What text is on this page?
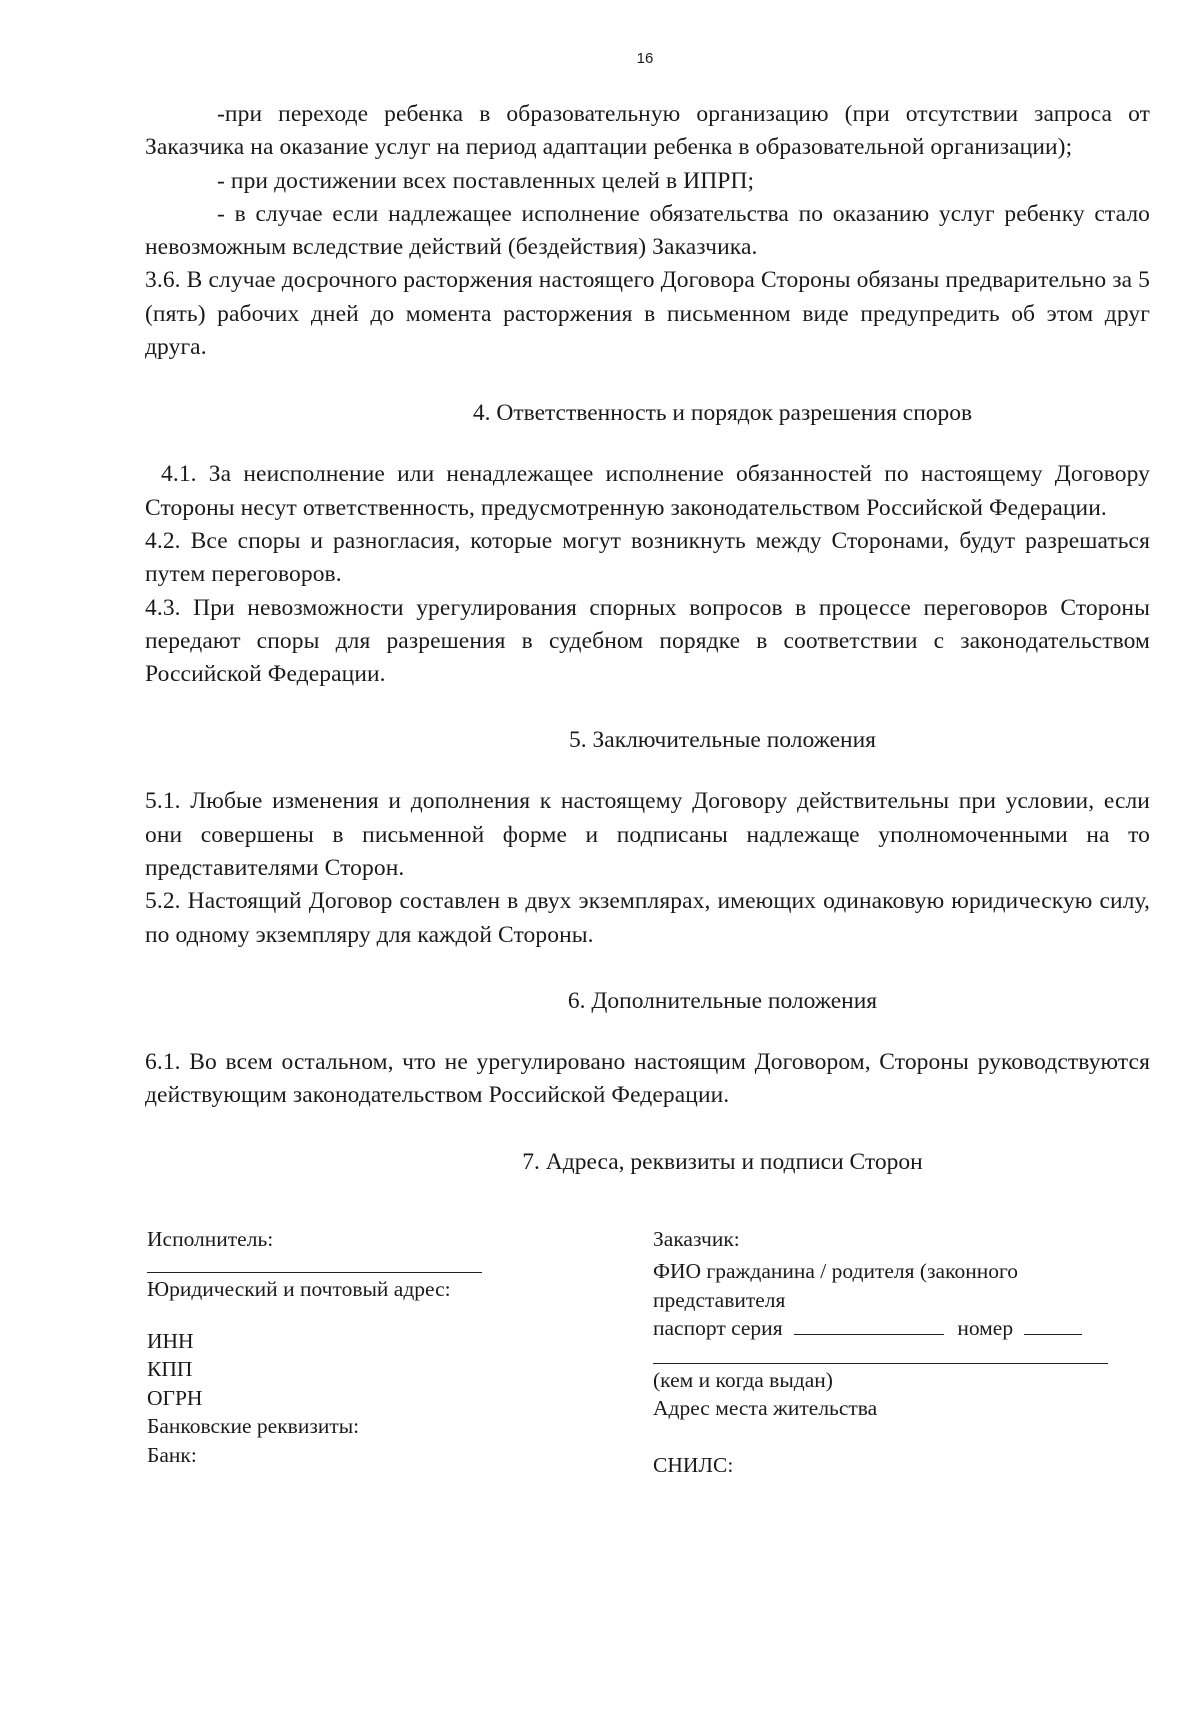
16

-при переходе ребенка в образовательную организацию (при отсутствии запроса от Заказчика на оказание услуг на период адаптации ребенка в образовательной организации);

- при достижении всех поставленных целей в ИПРП;

- в случае если надлежащее исполнение обязательства по оказанию услуг ребенку стало невозможным вследствие действий (бездействия) Заказчика.

3.6. В случае досрочного расторжения настоящего Договора Стороны обязаны предварительно за 5 (пять) рабочих дней до момента расторжения в письменном виде предупредить об этом друг друга.

4. Ответственность и порядок разрешения споров

4.1. За неисполнение или ненадлежащее исполнение обязанностей по настоящему Договору Стороны несут ответственность, предусмотренную законодательством Российской Федерации.

4.2. Все споры и разногласия, которые могут возникнуть между Сторонами, будут разрешаться путем переговоров.

4.3. При невозможности урегулирования спорных вопросов в процессе переговоров Стороны передают споры для разрешения в судебном порядке в соответствии с законодательством Российской Федерации.

5. Заключительные положения

5.1. Любые изменения и дополнения к настоящему Договору действительны при условии, если они совершены в письменной форме и подписаны надлежаще уполномоченными на то представителями Сторон.

5.2. Настоящий Договор составлен в двух экземплярах, имеющих одинаковую юридическую силу, по одному экземпляру для каждой Стороны.

6. Дополнительные положения

6.1. Во всем остальном, что не урегулировано настоящим Договором, Стороны руководствуются действующим законодательством Российской Федерации.

7. Адреса, реквизиты и подписи Сторон
Исполнитель:
Юридический и почтовый адрес:
ИНН
КПП
ОГРН
Банковские реквизиты:
Банк:
Заказчик:
ФИО гражданина / родителя (законного
представителя
паспорт серия	номер
(кем и когда выдан)
Адрес места жительства
СНИЛС:
